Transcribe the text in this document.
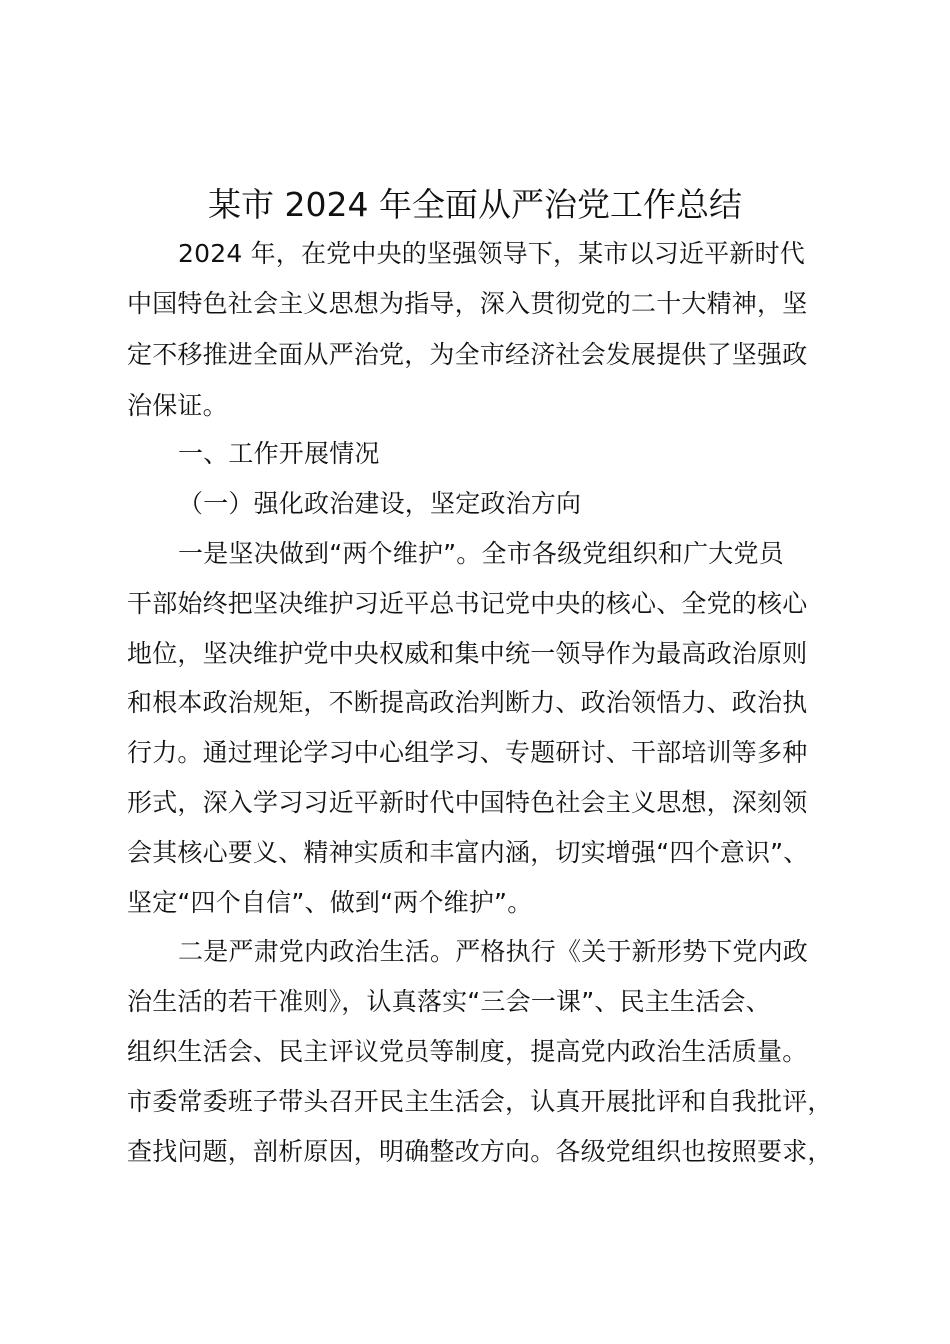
某市 2024 年全面从严治党工作总结
2024 年，在党中央的坚强领导下，某市以习近平新时代
中国特色社会主义思想为指导，深入贯彻党的二十大精神，坚
定不移推进全面从严治党，为全市经济社会发展提供了坚强政
治保证。
一、工作开展情况
（一）强化政治建设，坚定政治方向
一是坚决做到“两个维护”。全市各级党组织和广大党员
干部始终把坚决维护习近平总书记党中央的核心、全党的核心
地位，坚决维护党中央权威和集中统一领导作为最高政治原则
和根本政治规矩，不断提高政治判断力、政治领悟力、政治执
行力。通过理论学习中心组学习、专题研讨、干部培训等多种
形式，深入学习习近平新时代中国特色社会主义思想，深刻领
会其核心要义、精神实质和丰富内涵，切实增强“四个意识”、
坚定“四个自信”、做到“两个维护”。
二是严肃党内政治生活。严格执行《关于新形势下党内政
治生活的若干准则》，认真落实“三会一课”、民主生活会、
组织生活会、民主评议党员等制度，提高党内政治生活质量。
市委常委班子带头召开民主生活会，认真开展批评和自我批评，
查找问题，剖析原因，明确整改方向。各级党组织也按照要求，
